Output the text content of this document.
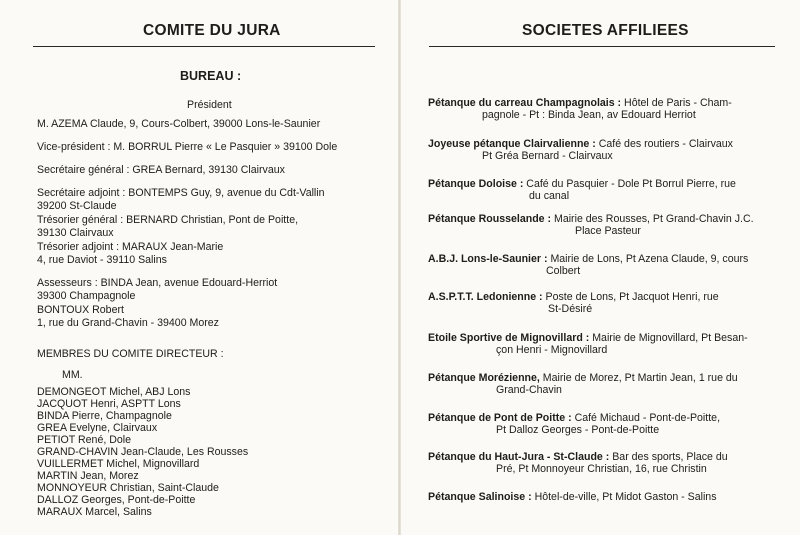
COMITE DU JURA
BUREAU :
Président
M. AZEMA Claude, 9, Cours-Colbert, 39000 Lons-le-Saunier
Vice-président : M. BORRUL Pierre « Le Pasquier » 39100 Dole
Secrétaire général : GREA Bernard, 39130 Clairvaux
Secrétaire adjoint : BONTEMPS Guy, 9, avenue du Cdt-Vallin
39200 St-Claude
Trésorier général : BERNARD Christian, Pont de Poitte,
39130 Clairvaux
Trésorier adjoint : MARAUX Jean-Marie
4, rue Daviot - 39110 Salins
Assesseurs : BINDA Jean, avenue Edouard-Herriot
39300 Champagnole
BONTOUX Robert
1, rue du Grand-Chavin - 39400 Morez
MEMBRES DU COMITE DIRECTEUR :
MM.
DEMONGEOT Michel, ABJ Lons
JACQUOT Henri, ASPTT Lons
BINDA Pierre, Champagnole
GREA Evelyne, Clairvaux
PETIOT René, Dole
GRAND-CHAVIN Jean-Claude, Les Rousses
VUILLERMET Michel, Mignovillard
MARTIN Jean, Morez
MONNOYEUR Christian, Saint-Claude
DALLOZ Georges, Pont-de-Poitte
MARAUX Marcel, Salins
SOCIETES AFFILIEES
Pétanque du carreau Champagnolais : Hôtel de Paris - Cham-
pagnole - Pt : Binda Jean, av Edouard Herriot
Joyeuse pétanque Clairvalienne : Café des routiers - Clairvaux
Pt Gréa Bernard - Clairvaux
Pétanque Doloise : Café du Pasquier - Dole Pt Borrul Pierre, rue
du canal
Pétanque Rousselande : Mairie des Rousses, Pt Grand-Chavin J.C.
Place Pasteur
A.B.J. Lons-le-Saunier : Mairie de Lons, Pt Azena Claude, 9, cours
Colbert
A.S.P.T.T. Ledonienne : Poste de Lons, Pt Jacquot Henri, rue
St-Désiré
Etoile Sportive de Mignovillard : Mairie de Mignovillard, Pt Besan-
çon Henri - Mignovillard
Pétanque Morézienne, Mairie de Morez, Pt Martin Jean, 1 rue du
Grand-Chavin
Pétanque de Pont de Poitte : Café Michaud - Pont-de-Poitte,
Pt Dalloz Georges - Pont-de-Poitte
Pétanque du Haut-Jura - St-Claude : Bar des sports, Place du
Pré, Pt Monnoyeur Christian, 16, rue Christin
Pétanque Salinoise : Hôtel-de-ville, Pt Midot Gaston - Salins
